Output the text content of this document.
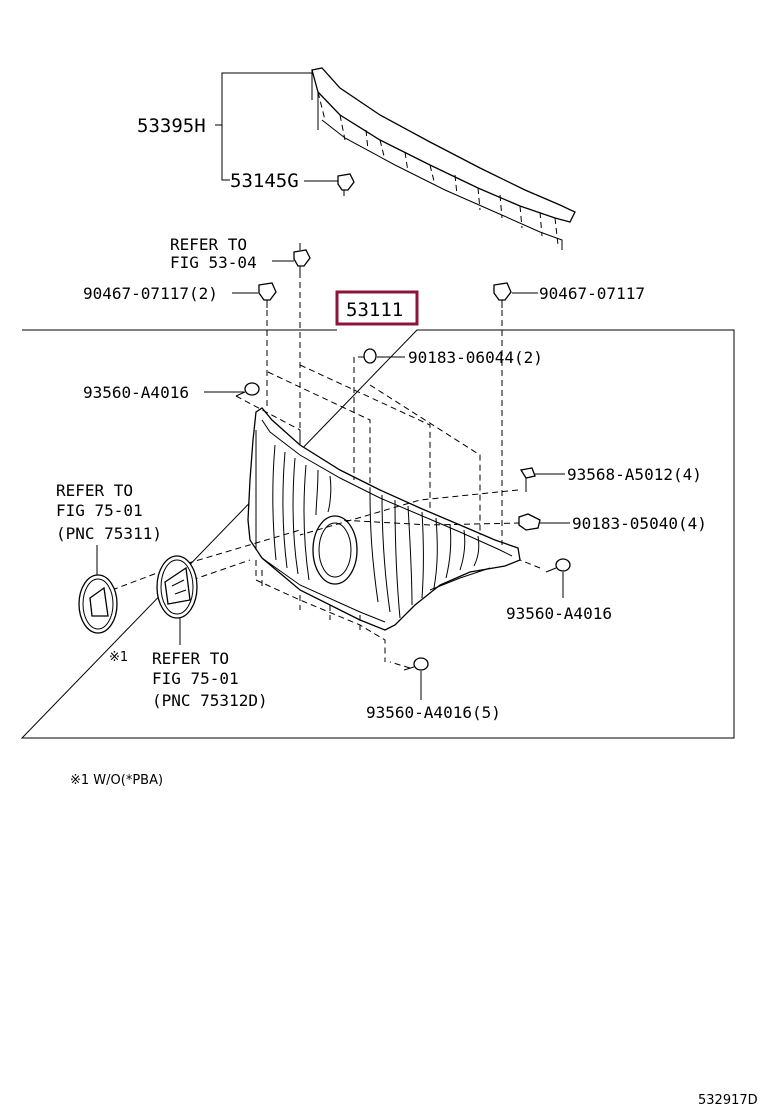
53395H
53145G
REFER TO
FIG 53-04
90467-07117(2)	90467-07117
53111
90183-06044(2)
93560-A4016
93568-A5012(4)
90183-05040(4)
93560-A4016
93560-A4016(5)
REFER TO
FIG 75-01
(PNC 75311)
※1 REFER TO
FIG 75-01
(PNC 75312D)
※1 W/O(*PBA)
532917D
